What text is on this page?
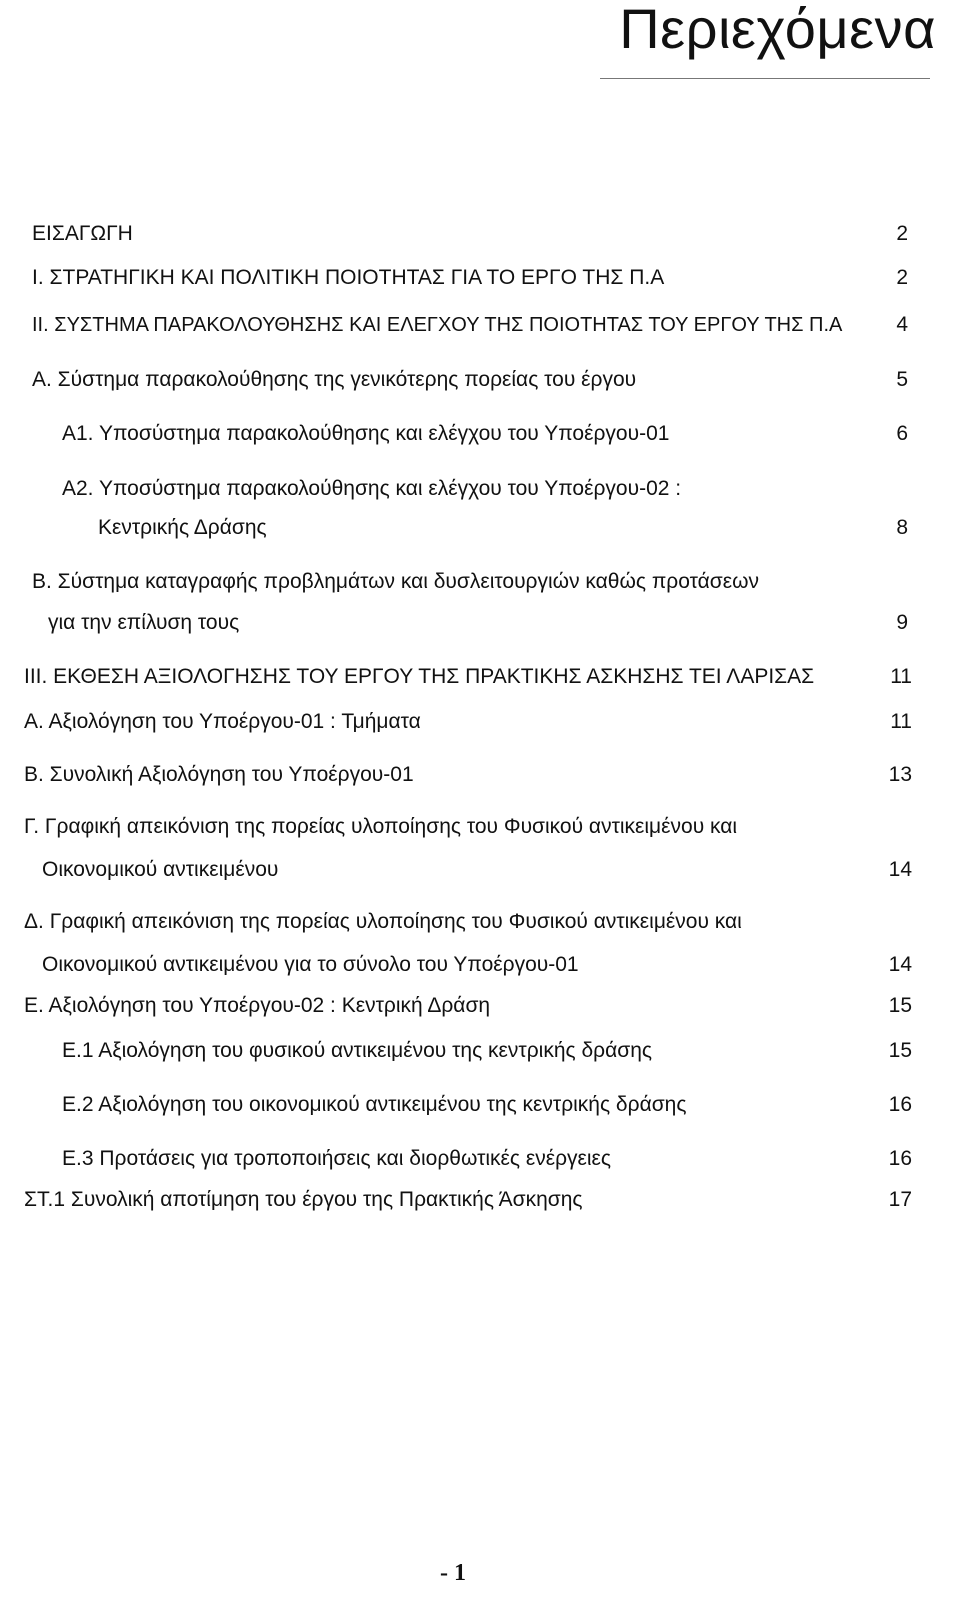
Περιεχόμενα
ΕΙΣΑΓΩΓΗ	2
I. ΣΤΡΑΤΗΓΙΚΗ ΚΑΙ ΠΟΛΙΤΙΚΗ ΠΟΙΟΤΗΤΑΣ ΓΙΑ ΤΟ ΕΡΓΟ ΤΗΣ Π.Α	2
II. ΣΥΣΤΗΜΑ ΠΑΡΑΚΟΛΟΥΘΗΣΗΣ ΚΑΙ ΕΛΕΓΧΟΥ ΤΗΣ ΠΟΙΟΤΗΤΑΣ ΤΟΥ ΕΡΓΟΥ ΤΗΣ Π.Α	4
Α. Σύστημα παρακολούθησης της γενικότερης πορείας του έργου	5
Α1. Υποσύστημα παρακολούθησης και ελέγχου του Υποέργου-01	6
Α2. Υποσύστημα παρακολούθησης και ελέγχου του Υποέργου-02 :
Κεντρικής Δράσης	8
Β. Σύστημα καταγραφής προβλημάτων και δυσλειτουργιών καθώς προτάσεων
για την επίλυση τους	9
III. ΕΚΘΕΣΗ ΑΞΙΟΛΟΓΗΣΗΣ ΤΟΥ ΕΡΓΟΥ ΤΗΣ ΠΡΑΚΤΙΚΗΣ ΑΣΚΗΣΗΣ ΤΕΙ ΛΑΡΙΣΑΣ	11
Α. Αξιολόγηση του Υποέργου-01 : Τμήματα	11
Β. Συνολική Αξιολόγηση του Υποέργου-01	13
Γ. Γραφική απεικόνιση της πορείας υλοποίησης του Φυσικού αντικειμένου και
Οικονομικού αντικειμένου	14
Δ. Γραφική απεικόνιση της πορείας υλοποίησης του Φυσικού αντικειμένου και
Οικονομικού αντικειμένου για το σύνολο του Υποέργου-01	14
Ε. Αξιολόγηση του Υποέργου-02 : Κεντρική Δράση	15
Ε.1 Αξιολόγηση του φυσικού αντικειμένου της κεντρικής δράσης	15
Ε.2 Αξιολόγηση του οικονομικού αντικειμένου της κεντρικής δράσης	16
Ε.3 Προτάσεις για τροποποιήσεις και διορθωτικές ενέργειες	16
ΣΤ.1 Συνολική αποτίμηση του έργου της Πρακτικής Άσκησης	17
- 1
